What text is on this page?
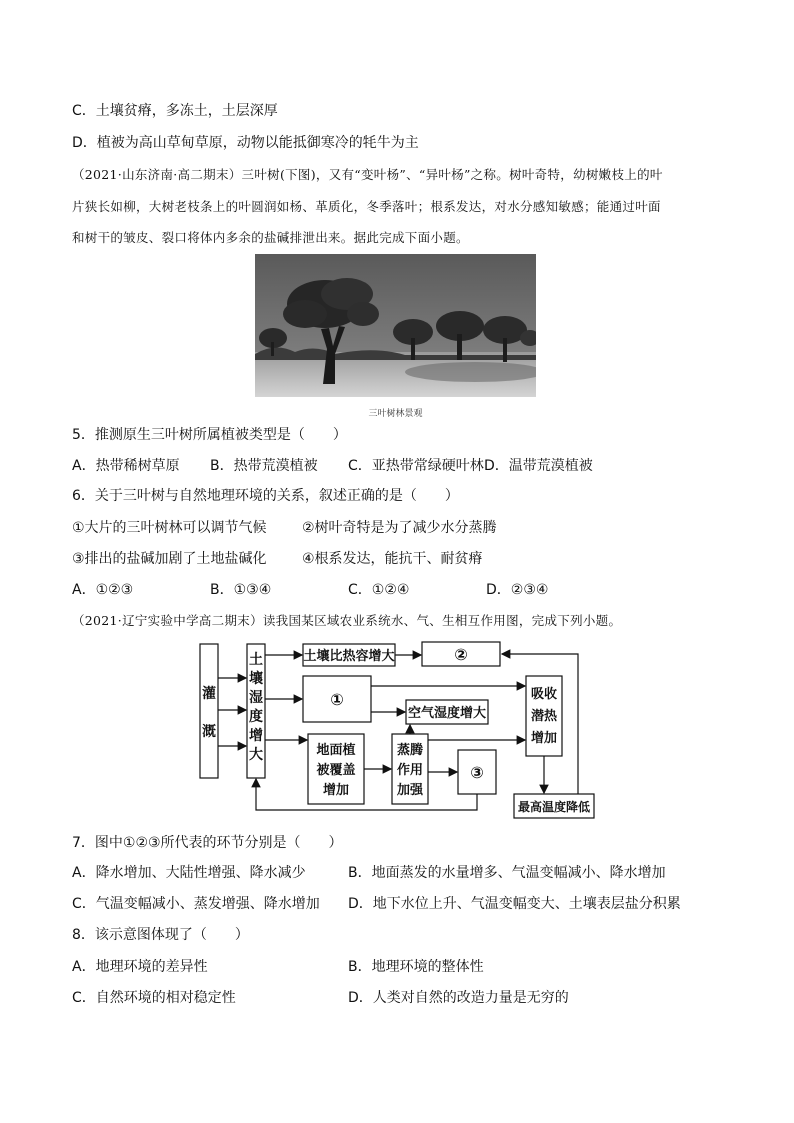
C．土壤贫瘠，多冻土，土层深厚
D．植被为高山草甸草原，动物以能抵御寒冷的牦牛为主
（2021·山东济南·高二期末）三叶树(下图)，又有“变叶杨”、“异叶杨”之称。树叶奇特，幼树嫩枝上的叶
片狭长如柳，大树老枝条上的叶圆润如杨、革质化，冬季落叶；根系发达，对水分感知敏感；能通过叶面
和树干的皱皮、裂口将体内多余的盐碱排泄出来。据此完成下面小题。
三叶树林景观
5．推测原生三叶树所属植被类型是（　　）
A．热带稀树草原 B．热带荒漠植被 C．亚热带常绿硬叶林 D．温带荒漠植被
6．关于三叶树与自然地理环境的关系，叙述正确的是（　　）
①大片的三叶树林可以调节气候	②树叶奇特是为了减少水分蒸腾
③排出的盐碱加剧了土地盐碱化	④根系发达，能抗干、耐贫瘠
A．①②③	B．①③④	C．①②④	D．②③④
（2021·辽宁实验中学高二期末）读我国某区域农业系统水、气、生相互作用图，完成下列小题。
灌
溉
土
壤
湿
度
增
大
土壤比热容增大	②
①
空气湿度增大
吸收
潜热
增加
地面植
被覆盖
增加
蒸腾
作用
加强
③
最高温度降低
7．图中①②③所代表的环节分别是（　　）
A．降水增加、大陆性增强、降水减少	B．地面蒸发的水量增多、气温变幅减小、降水增加
C．气温变幅减小、蒸发增强、降水增加 D．地下水位上升、气温变幅变大、土壤表层盐分积累
8．该示意图体现了（　　）
A．地理环境的差异性	B．地理环境的整体性
C．自然环境的相对稳定性	D．人类对自然的改造力量是无穷的
